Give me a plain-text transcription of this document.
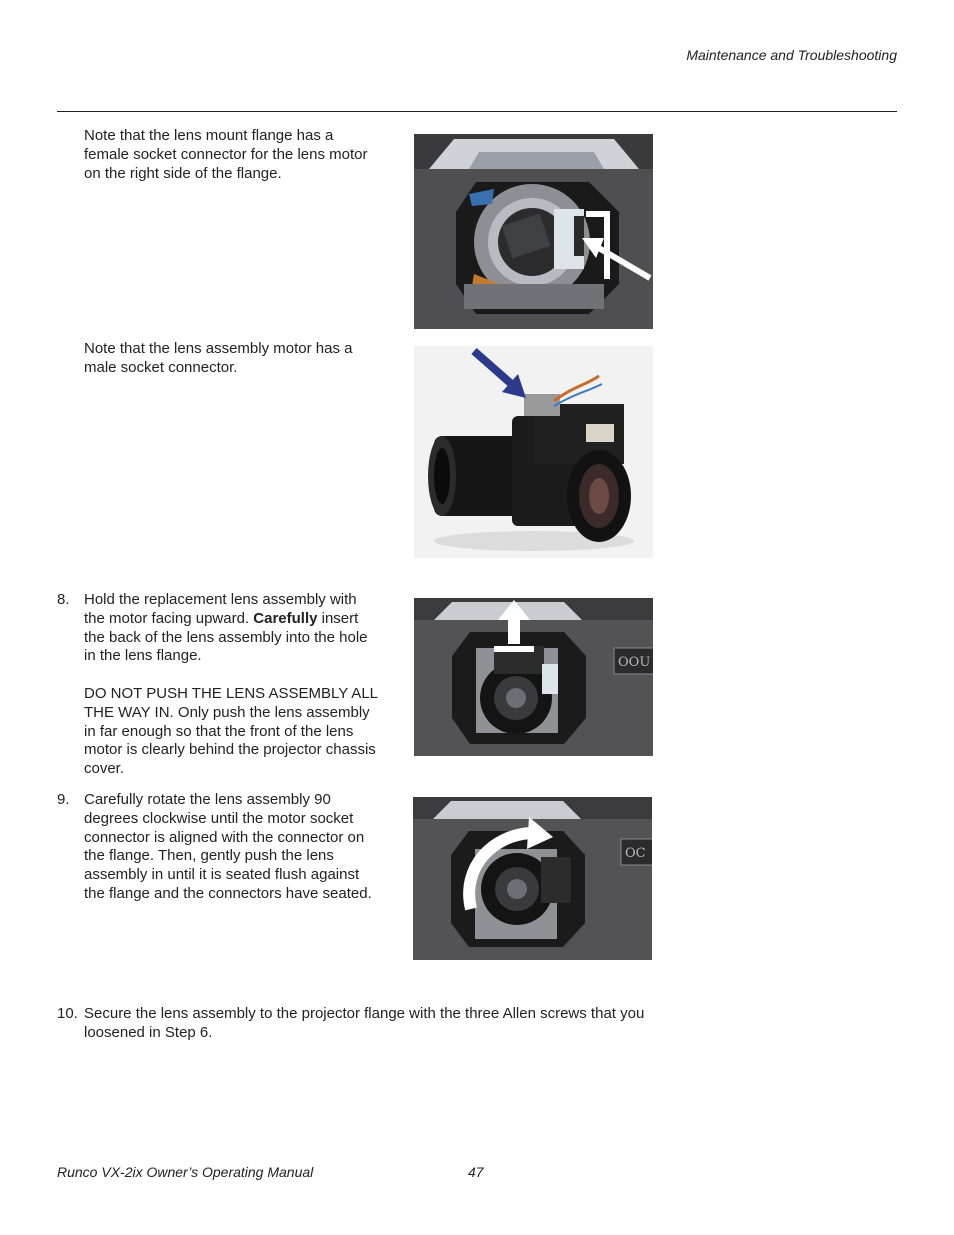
Maintenance and Troubleshooting
Note that the lens mount flange has a female socket connector for the lens motor on the right side of the flange.
Note that the lens assembly motor has a male socket connector.
8. Hold the replacement lens assembly with the motor facing upward. Carefully insert the back of the lens assembly into the hole in the lens flange.
DO NOT PUSH THE LENS ASSEMBLY ALL THE WAY IN. Only push the lens assembly in far enough so that the front of the lens motor is clearly behind the projector chassis cover.
OOU
9. Carefully rotate the lens assembly 90 degrees clockwise until the motor socket connector is aligned with the connector on the flange. Then, gently push the lens assembly in until it is seated flush against the flange and the connectors have seated.
OC
10. Secure the lens assembly to the projector flange with the three Allen screws that you loosened in Step 6.
Runco VX-2ix Owner’s Operating Manual	47
